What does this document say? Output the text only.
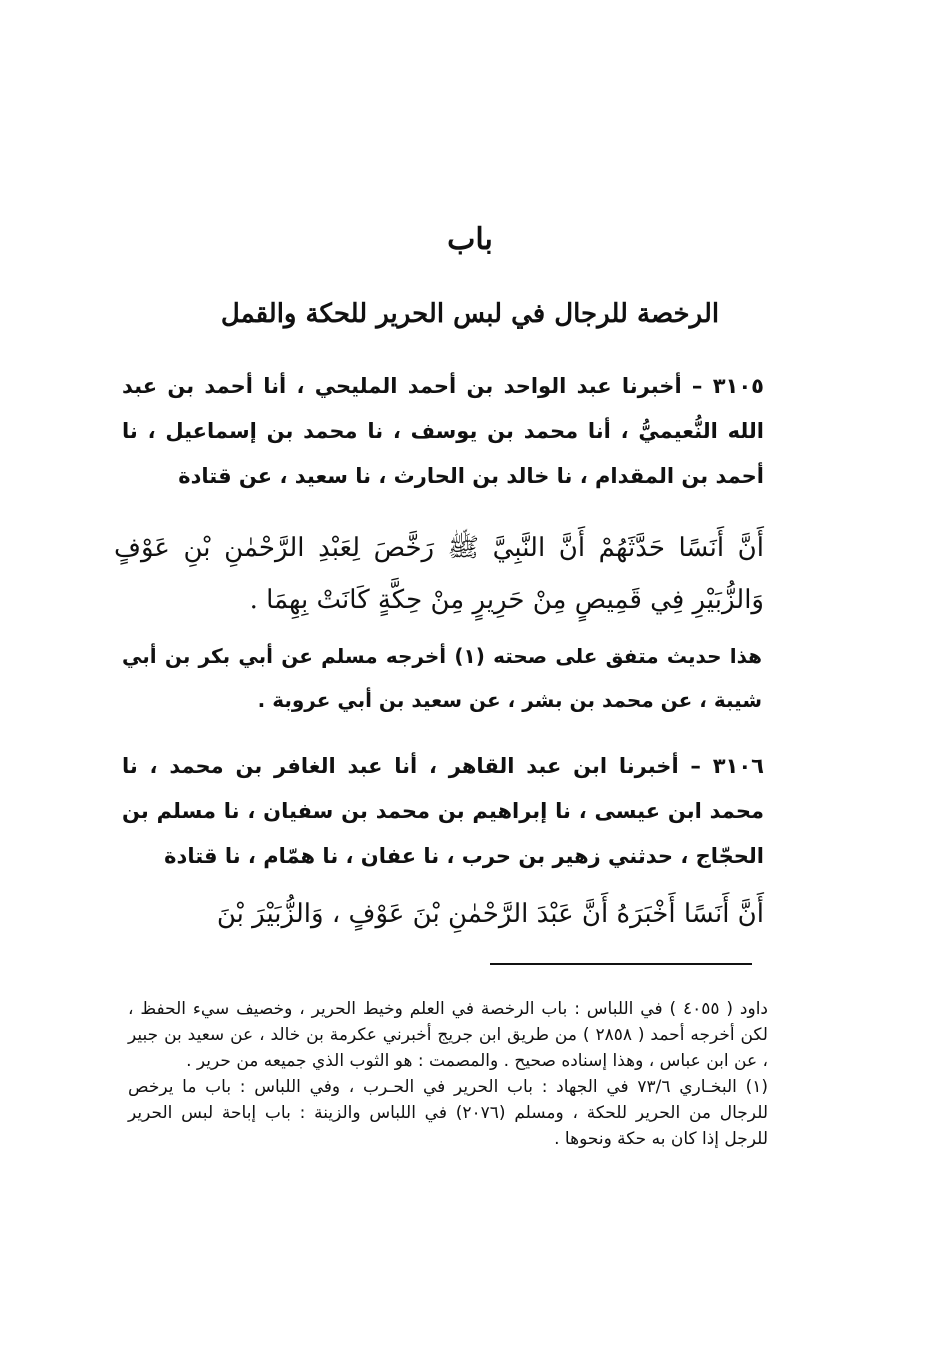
باب
الرخصة للرجال في لبس الحرير للحكة والقمل
٣١٠٥ – أخبرنا عبد الواحد بن أحمد المليحي ، أنا أحمد بن عبد الله النُّعيميُّ ، أنا محمد بن يوسف ، نا محمد بن إسماعيل ، نا أحمد بن المقدام ، نا خالد بن الحارث ، نا سعيد ، عن قتادة
أَنَّ أَنَسًا حَدَّثَهُمْ أَنَّ النَّبِيَّ ﷺ رَخَّصَ لِعَبْدِ الرَّحْمٰنِ بْنِ عَوْفٍ وَالزُّبَيْرِ فِي قَمِيصٍ مِنْ حَرِيرٍ مِنْ حِكَّةٍ كَانَتْ بِهِمَا .
هذا حديث متفق على صحته (١) أخرجه مسلم عن أبي بكر بن أبي شيبة ، عن محمد بن بشر ، عن سعيد بن أبي عروبة .
٣١٠٦ – أخبرنا ابن عبد القاهر ، أنا عبد الغافر بن محمد ، نا محمد ابن عيسى ، نا إبراهيم بن محمد بن سفيان ، نا مسلم بن الحجّاج ، حدثني زهير بن حرب ، نا عفان ، نا همّام ، نا قتادة
أَنَّ أَنَسًا أَخْبَرَهُ أَنَّ عَبْدَ الرَّحْمٰنِ بْنَ عَوْفٍ ، وَالزُّبَيْرَ بْنَ

داود ( ٤٠٥٥ ) في اللباس : باب الرخصة في العلم وخيط الحرير ، وخصيف سيء الحفظ ، لكن أخرجه أحمد ( ٢٨٥٨ ) من طريق ابن جريج أخبرني عكرمة بن خالد ، عن سعيد بن جبير ، عن ابن عباس ، وهذا إسناده صحيح . والمصمت : هو الثوب الذي جميعه من حرير .

(١) البخـاري ٧٣/٦ في الجهاد : باب الحرير في الحـرب ، وفي اللباس : باب ما يرخص للرجال من الحرير للحكة ، ومسلم (٢٠٧٦) في اللباس والزينة : باب إباحة لبس الحرير للرجل إذا كان به حكة ونحوها .
